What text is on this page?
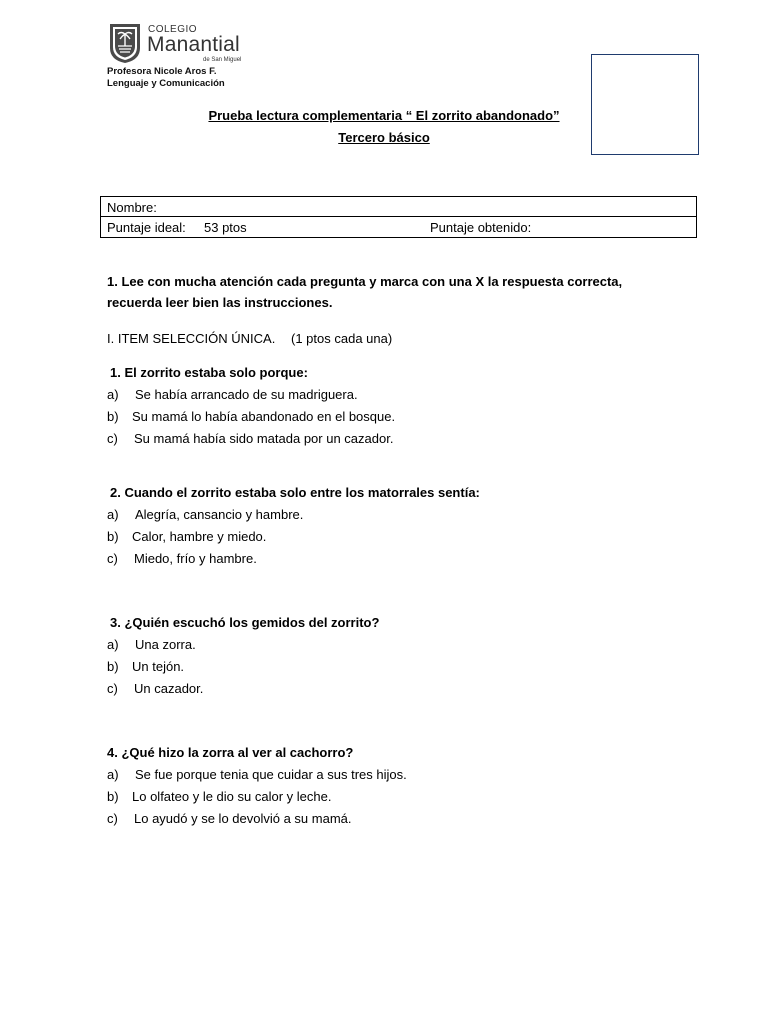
COLEGIO
Manantial
de San Miguel
Profesora Nicole Aros F.
Lenguaje y Comunicación
Prueba lectura complementaria “ El zorrito abandonado”
Tercero básico
Nombre:
Puntaje ideal: 53 ptos	Puntaje obtenido:
1. Lee con mucha atención cada pregunta y marca con una X la respuesta correcta,
recuerda leer bien las instrucciones.
I. ITEM SELECCIÓN ÚNICA. (1 ptos cada una)
1. El zorrito estaba solo porque:
a) Se había arrancado de su madriguera.
b) Su mamá lo había abandonado en el bosque.
c) Su mamá había sido matada por un cazador.
2. Cuando el zorrito estaba solo entre los matorrales sentía:
a) Alegría, cansancio y hambre.
b) Calor, hambre y miedo.
c) Miedo, frío y hambre.
3. ¿Quién escuchó los gemidos del zorrito?
a) Una zorra.
b) Un tejón.
c) Un cazador.
4. ¿Qué hizo la zorra al ver al cachorro?
a) Se fue porque tenia que cuidar a sus tres hijos.
b) Lo olfateo y le dio su calor y leche.
c) Lo ayudó y se lo devolvió a su mamá.
